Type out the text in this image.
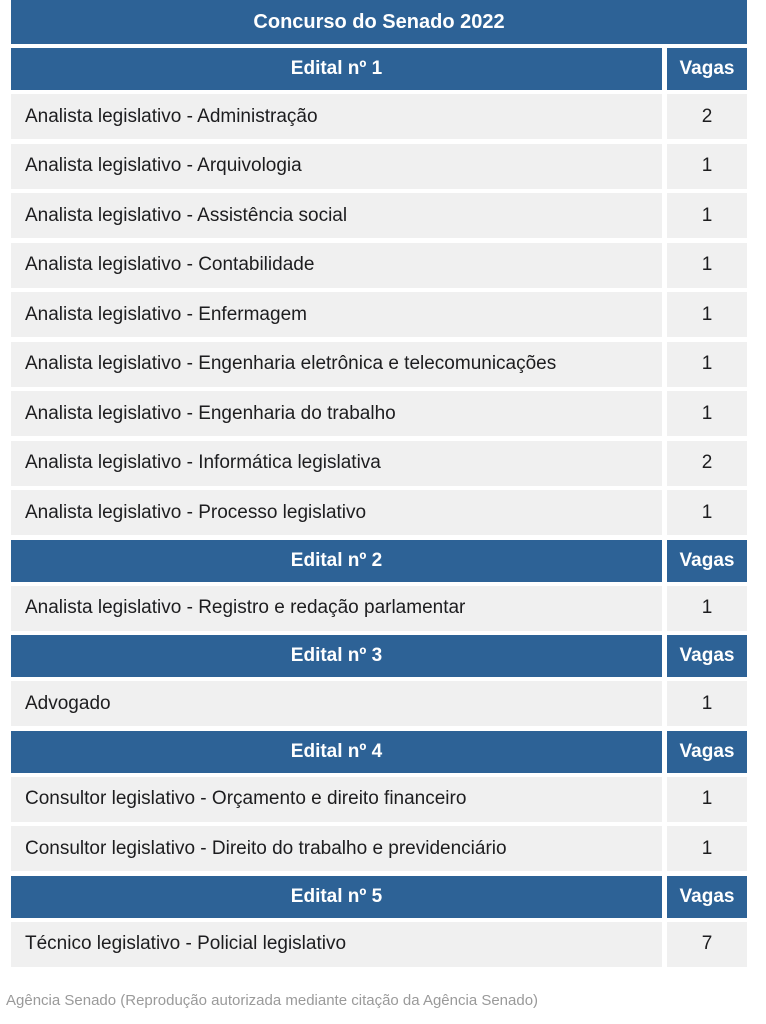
Concurso do Senado 2022
Edital nº 1	Vagas
Analista legislativo - Administração	2
Analista legislativo - Arquivologia	1
Analista legislativo - Assistência social	1
Analista legislativo - Contabilidade	1
Analista legislativo - Enfermagem	1
Analista legislativo - Engenharia eletrônica e telecomunicações	1
Analista legislativo - Engenharia do trabalho	1
Analista legislativo - Informática legislativa	2
Analista legislativo - Processo legislativo	1
Edital nº 2	Vagas
Analista legislativo - Registro e redação parlamentar	1
Edital nº 3	Vagas
Advogado	1
Edital nº 4	Vagas
Consultor legislativo - Orçamento e direito financeiro	1
Consultor legislativo - Direito do trabalho e previdenciário	1
Edital nº 5	Vagas
Técnico legislativo - Policial legislativo	7
Agência Senado (Reprodução autorizada mediante citação da Agência Senado)
